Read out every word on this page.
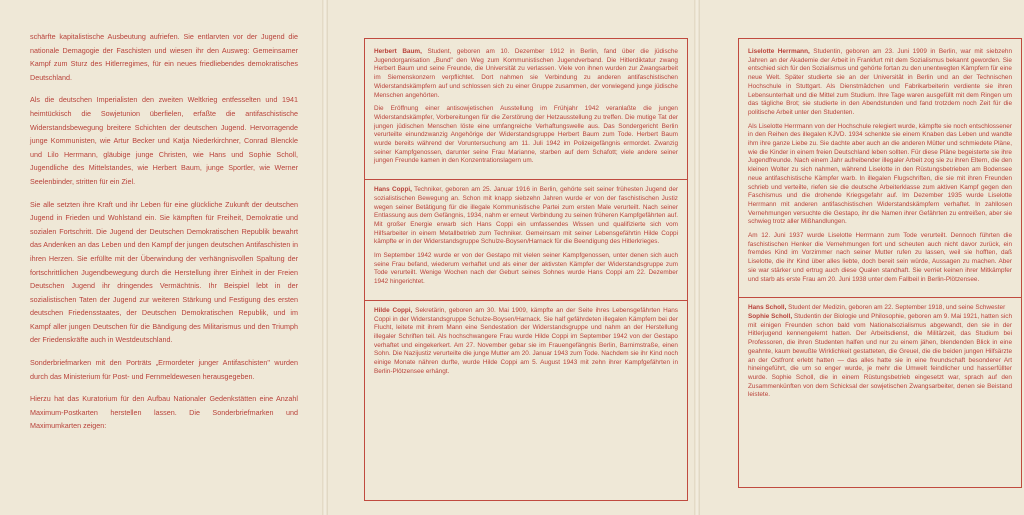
schärfte kapitalistische Ausbeutung aufriefen. Sie entlarvten vor der Jugend die nationale Demagogie der Faschisten und wiesen ihr den Ausweg: Gemeinsamer Kampf zum Sturz des Hitlerregimes, für ein neues friedliebendes demokratisches Deutschland.

Als die deutschen Imperialisten den zweiten Weltkrieg entfesselten und 1941 heimtückisch die Sowjetunion überfielen, erfaßte die antifaschistische Widerstandsbewegung breitere Schichten der deutschen Jugend. Hervorragende junge Kommunisten, wie Artur Becker und Katja Niederkirchner, Conrad Blenckle und Lilo Herrmann, gläubige junge Christen, wie Hans und Sophie Scholl, Jugendliche des Mittelstandes, wie Herbert Baum, junge Sportler, wie Werner Seelenbinder, stritten für ein Ziel.

Sie alle setzten ihre Kraft und ihr Leben für eine glückliche Zukunft der deutschen Jugend in Frieden und Wohlstand ein. Sie kämpften für Freiheit, Demokratie und sozialen Fortschritt. Die Jugend der Deutschen Demokratischen Republik bewahrt das Andenken an das Leben und den Kampf der jungen deutschen Antifaschisten in ihren Herzen. Sie erfüllte mit der Überwindung der verhängnisvollen Spaltung der fortschrittlichen Jugendbewegung durch die Herstellung ihrer Einheit in der Freien Deutschen Jugend ihr dringendes Vermächtnis. Ihr Beispiel lebt in der sozialistischen Taten der Jugend zur weiteren Stärkung und Festigung des ersten deutschen Friedensstaates, der Deutschen Demokratischen Republik, und im Kampf aller jungen Deutschen für die Bändigung des Militarismus und den Triumph der Friedenskräfte auch in Westdeutschland.

Sonderbriefmarken mit den Porträts „Ermordeter junger Antifaschisten" wurden durch das Ministerium für Post- und Fernmeldewesen herausgegeben.

Hierzu hat das Kuratorium für den Aufbau Nationaler Gedenkstätten eine Anzahl Maximum-Postkarten herstellen lassen. Die Sonderbriefmarken und Maximumkarten zeigen:

Herbert Baum, Student, geboren am 10. Dezember 1912 in Berlin, fand über die jüdische Jugendorganisation „Bund" den Weg zum Kommunistischen Jugendverband. Die Hitlerdiktatur zwang Herbert Baum und seine Freunde, die Universität zu verlassen. Viele von ihnen wurden zur Zwangsarbeit im Siemenskonzern verpflichtet. Dort nahmen sie Verbindung zu anderen antifaschistischen Widerstandskämpfern auf und schlossen sich zu einer Gruppe zusammen, der vorwiegend junge jüdische Menschen angehörten.

Die Eröffnung einer antisowjetischen Ausstellung im Frühjahr 1942 veranlaßte die jungen Widerstandskämpfer, Vorbereitungen für die Zerstörung der Hetzausstellung zu treffen. Die mutige Tat der jungen jüdischen Menschen löste eine umfangreiche Verhaftungswelle aus. Das Sondergericht Berlin verurteilte einundzwanzig Angehörige der Widerstandsgruppe Herbert Baum zum Tode. Herbert Baum wurde bereits während der Voruntersuchung am 11. Juli 1942 im Polizeigefängnis ermordet. Zwanzig seiner Kampfgenossen, darunter seine Frau Marianne, starben auf dem Schafott; viele andere seiner jungen Freunde kamen in den Konzentrationslagern um.

Hans Coppi, Techniker, geboren am 25. Januar 1916 in Berlin, gehörte seit seiner frühesten Jugend der sozialistischen Bewegung an. Schon mit knapp siebzehn Jahren wurde er von der faschistischen Justiz wegen seiner Betätigung für die illegale Kommunistische Partei zum ersten Male verurteilt. Nach seiner Entlassung aus dem Gefängnis, 1934, nahm er erneut Verbindung zu seinen früheren Kampfgefährten auf. Mit großer Energie erwarb sich Hans Coppi ein umfassendes Wissen und qualifizierte sich vom Hilfsarbeiter in einem Metallbetrieb zum Techniker. Gemeinsam mit seiner Lebensgefährtin Hilde Coppi kämpfte er in der Widerstandsgruppe Schulze-Boysen/Harnack für die Beendigung des Hitlerkrieges.

Im September 1942 wurde er von der Gestapo mit vielen seiner Kampfgenossen, unter denen sich auch seine Frau befand, wiederum verhaftet und als einer der aktivsten Kämpfer der Widerstandsgruppe zum Tode verurteilt. Wenige Wochen nach der Geburt seines Sohnes wurde Hans Coppi am 22. Dezember 1942 hingerichtet.

Hilde Coppi, Sekretärin, geboren am 30. Mai 1909, kämpfte an der Seite ihres Lebensgefährten Hans Coppi in der Widerstandsgruppe Schulze-Boysen/Harnack. Sie half gefährdeten illegalen Kämpfern bei der Flucht, leitete mit ihrem Mann eine Sendestation der Widerstandsgruppe und nahm an der Herstellung illegaler Schriften teil. Als hochschwangere Frau wurde Hilde Coppi im September 1942 von der Gestapo verhaftet und eingekerkert. Am 27. November gebar sie im Frauengefängnis Berlin, Barnimstraße, einen Sohn. Die Nazijustiz verurteilte die junge Mutter am 20. Januar 1943 zum Tode. Nachdem sie ihr Kind noch einige Monate nähren durfte, wurde Hilde Coppi am 5. August 1943 mit zehn ihrer Kampfgefährten in Berlin-Plötzensee erhängt.

Liselotte Herrmann, Studentin, geboren am 23. Juni 1909 in Berlin, war mit siebzehn Jahren an der Akademie der Arbeit in Frankfurt mit dem Sozialismus bekannt geworden. Sie entschied sich für den Sozialismus und gehörte fortan zu den unentwegten Kämpfern für eine neue Welt. Später studierte sie an der Universität in Berlin und an der Technischen Hochschule in Stuttgart. Als Dienstmädchen und Fabrikarbeiterin verdiente sie ihren Lebensunterhalt und die Mittel zum Studium. Ihre Tage waren ausgefüllt mit dem Ringen um das tägliche Brot; sie studierte in den Abendstunden und fand trotzdem noch Zeit für die politische Arbeit unter den Studenten.

Als Liselotte Herrmann von der Hochschule relegiert wurde, kämpfte sie noch entschlossener in den Reihen des illegalen KJVD. 1934 schenkte sie einem Knaben das Leben und wandte ihm ihre ganze Liebe zu. Sie dachte aber auch an die anderen Mütter und schmiedete Pläne, wie die Kinder in einem freien Deutschland leben sollten. Für diese Pläne begeisterte sie ihre Jugendfreunde. Nach einem Jahr aufreibender illegaler Arbeit zog sie zu ihren Eltern, die den kleinen Wolter zu sich nahmen, während Liselotte in den Rüstungsbetrieben am Bodensee neue antifaschistische Kämpfer warb. In illegalen Flugschriften, die sie mit ihren Freunden schrieb und verteilte, riefen sie die deutsche Arbeiterklasse zum aktiven Kampf gegen den Faschismus und die drohende Kriegsgefahr auf. Im Dezember 1935 wurde Liselotte Herrmann mit anderen antifaschistischen Widerstandskämpfern verhaftet. In zahllosen Vernehmungen versuchte die Gestapo, ihr die Namen ihrer Gefährten zu entreißen, aber sie schwieg trotz aller Mißhandlungen.

Am 12. Juni 1937 wurde Liselotte Herrmann zum Tode verurteilt. Dennoch führten die faschistischen Henker die Vernehmungen fort und scheuten auch nicht davor zurück, ein fremdes Kind im Vorzimmer nach seiner Mutter rufen zu lassen, weil sie hofften, daß Liselotte, die ihr Kind über alles liebte, doch bereit sein würde, Aussagen zu machen. Aber sie war stärker und ertrug auch diese Qualen standhaft. Sie verriet keinen ihrer Mitkämpfer und starb als erste Frau am 20. Juni 1938 unter dem Fallbeil in Berlin-Plötzensee.

Hans Scholl, Student der Medizin, geboren am 22. September 1918, und seine Schwester

Sophie Scholl, Studentin der Biologie und Philosophie, geboren am 9. Mai 1921, hatten sich mit einigen Freunden schon bald vom Nationalsozialismus abgewandt, den sie in der Hitlerjugend kennengelernt hatten. Der Arbeitsdienst, die Militärzeit, das Studium bei Professoren, die ihren Studenten halfen und nur zu einem jähen, blendenden Blick in eine geahnte, kaum bewußte Wirklichkeit gestatteten, die Greuel, die die beiden jungen Hilfsärzte an der Ostfront erlebt hatten — das alles hatte sie in eine freundschaft besonderer Art hineingeführt, die um so enger wurde, je mehr die Umwelt feindlicher und hasserfüllter wurde. Sophie Scholl, die in einem Rüstungsbetrieb eingesetzt war, sprach auf den Zusammenkünften von dem Schicksal der sowjetischen Zwangsarbeiter, denen sie Beistand leistete.
